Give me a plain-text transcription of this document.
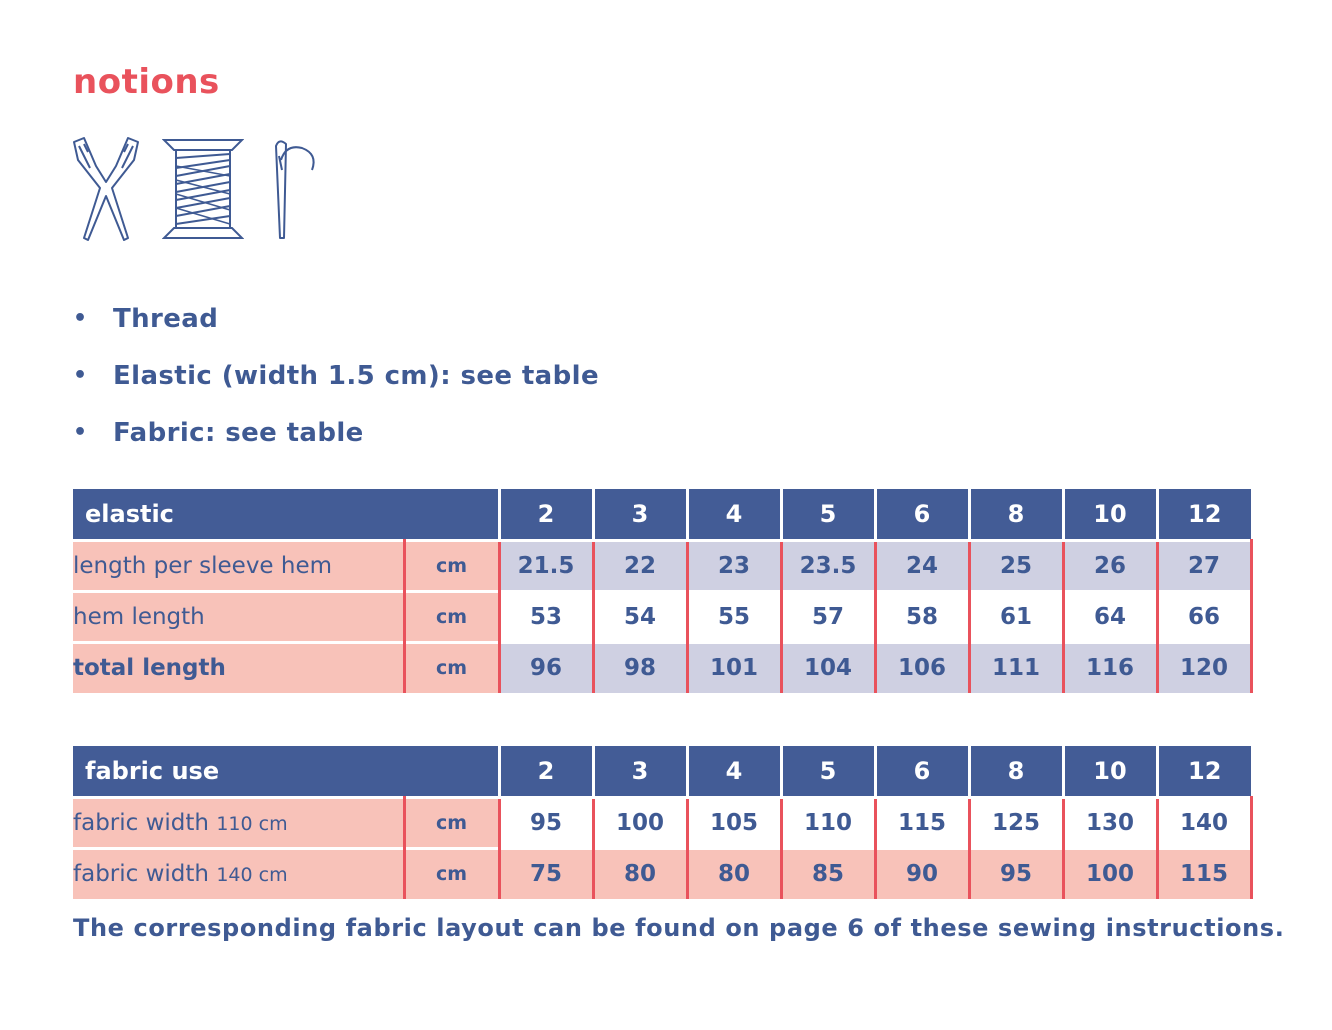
notions
• Thread
• Elastic (width 1.5 cm): see table
• Fabric: see table
elastic		2	3	4	5	6	8	10	12
length per sleeve hem	cm	21.5	22	23	23.5	24	25	26	27
hem length	cm	53	54	55	57	58	61	64	66
total length	cm	96	98	101	104	106	111	116	120
fabric use		2	3	4	5	6	8	10	12
fabric width 110 cm	cm	95	100	105	110	115	125	130	140
fabric width 140 cm	cm	75	80	80	85	90	95	100	115

The corresponding fabric layout can be found on page 6 of these sewing instructions.
